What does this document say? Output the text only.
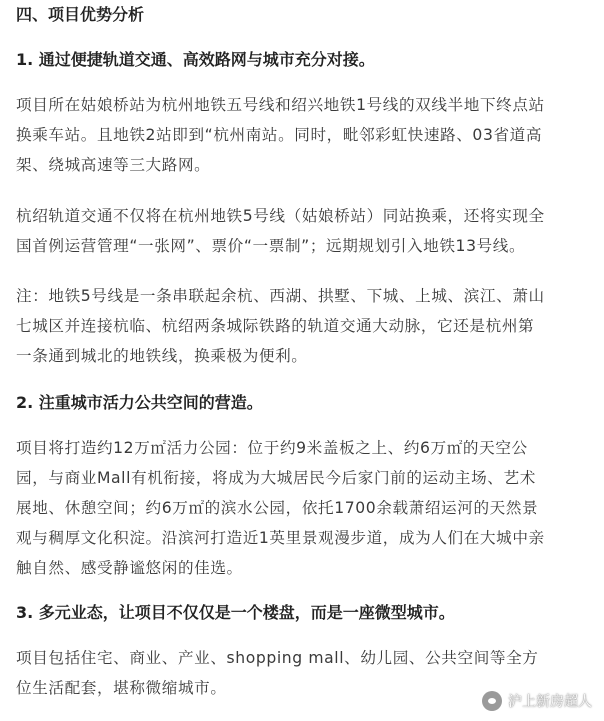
四、项目优势分析

1. 通过便捷轨道交通、高效路网与城市充分对接。

项目所在姑娘桥站为杭州地铁五号线和绍兴地铁1号线的双线半地下终点站
换乘车站。且地铁2站即到“杭州南站。同时，毗邻彩虹快速路、03省道高
架、绕城高速等三大路网。

杭绍轨道交通不仅将在杭州地铁5号线（姑娘桥站）同站换乘，还将实现全
国首例运营管理“一张网”、票价“一票制”；远期规划引入地铁13号线。

注：地铁5号线是一条串联起余杭、西湖、拱墅、下城、上城、滨江、萧山
七城区并连接杭临、杭绍两条城际铁路的轨道交通大动脉，它还是杭州第
一条通到城北的地铁线，换乘极为便利。

2. 注重城市活力公共空间的营造。

项目将打造约12万㎡活力公园：位于约9米盖板之上、约6万㎡的天空公
园，与商业Mall有机衔接，将成为大城居民今后家门前的运动主场、艺术
展地、休憩空间；约6万㎡的滨水公园，依托1700余载萧绍运河的天然景
观与稠厚文化积淀。沿滨河打造近1英里景观漫步道，成为人们在大城中亲
触自然、感受静谧悠闲的佳选。

3. 多元业态，让项目不仅仅是一个楼盘，而是一座微型城市。

项目包括住宅、商业、产业、shopping mall、幼儿园、公共空间等全方
位生活配套，堪称微缩城市。

沪上新房超人
